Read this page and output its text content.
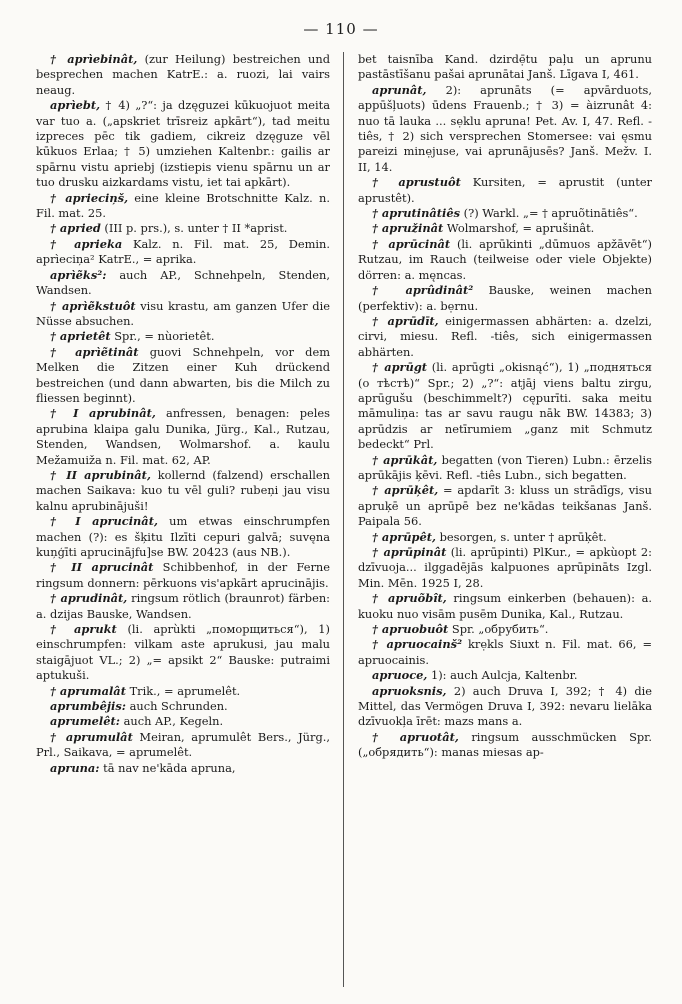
— 110 —

† aprìebinât, (zur Heilung) bestreichen und besprechen machen KatrE.: a. ruozi, lai vairs neaug.

aprìebt, † 4) „?“: ja dzęguzei kūkuojuot meita var tuo a. („apskriet trīsreiz apkārt“), tad meitu izpreces pēc tik gadiem, cikreiz dzęguze vēl kūkuos Erlaa; † 5) umziehen Kaltenbr.: gailis ar spārnu vistu apriebj (izstiepis vienu spārnu un ar tuo drusku aizkardams vistu, iet tai apkārt).

† aprieciņš, eine kleine Brotschnitte Kalz. n. Fil. mat. 25.

† apried (III p. prs.), s. unter † II *aprist.

† aprieka Kalz. n. Fil. mat. 25, Demin. aprìeciņa² KatrE., = aprika.

aprìẽks²: auch AP., Schnehpeln, Stenden, Wandsen.

† aprìẽkstuôt visu krastu, am ganzen Ufer die Nüsse absuchen.

† aprietêt Spr., = nùorietêt.

† aprìẽtinât guovi Schnehpeln, vor dem Melken die Zitzen einer Kuh drückend bestreichen (und dann abwarten, bis die Milch zu fliessen beginnt).

† I aprubinât, anfressen, benagen: peles aprubina klaipa galu Dunika, Jürg., Kal., Rutzau, Stenden, Wandsen, Wolmarshof. a. kaulu Mežamuiža n. Fil. mat. 62, AP.

† II aprubinât, kollernd (falzend) erschallen machen Saikava: kuo tu vēl guli? rubeņi jau visu kalnu aprubinājuši!

† I aprucinât, um etwas einschrumpfen machen (?): es šķitu Ilzīti cepuri galvā; suvęna kuņģīti aprucinājfu]se BW. 20423 (aus NB.).

† II aprucinât Schibbenhof, in der Ferne ringsum donnern: pērkuons vis'apkārt aprucinājis.

† aprudinât, ringsum rötlich (braunrot) färben: a. dzijas Bauske, Wandsen.

† aprukt (li. aprùkti „поморщиться“), 1) einschrumpfen: vilkam aste aprukusi, jau malu staigājuot VL.; 2) „= apsikt 2“ Bauske: putraimi aptukuši.

† aprumalât Trik., = aprumelêt.

aprumbêjis: auch Schrunden.

aprumelêt: auch AP., Kegeln.

† aprumulât Meiran, aprumulêt Bers., Jürg., Prl., Saikava, = aprumelêt.

apruna: tā nav ne'kāda apruna,

bet taisnība Kand. dzirdẹ̄tu paļu un aprunu pastāstīšanu pašai aprunātai Janš. Līgava I, 461.

aprunât, 2): aprunāts (= apvārduots, appūšļuots) ūdens Frauenb.; † 3) = àizrunât 4: nuo tā lauka ... sẹklu apruna! Pet. Av. I, 47. Refl. -tiês, † 2) sich versprechen Stomersee: vai ęsmu pareizi minẹjuse, vai aprunājusēs? Janš. Mežv. I. II, 14.

† aprustuôt Kursiten, = aprustit (unter aprustêt).

† aprutinâtiês (?) Warkl. „= † apruõtinātiês“.

† apružinât Wolmarshof, = aprušinât.

† aprūcinât (li. aprūkinti „dūmuos apžāvēt“) Rutzau, im Rauch (teilweise oder viele Objekte) dörren: a. męncas.

† aprûdinât² Bauske, weinen machen (perfektiv): a. bẹrnu.

† aprūdīt, einigermassen abhärten: a. dzelzi, cirvi, miesu. Refl. -tiês, sich einigermassen abhärten.

† aprūgt (li. aprūgti „okisnąć“), 1) „подняться (o тѣстѣ)“ Spr.; 2) „?“: atjāj viens baltu zirgu, aprūgušu (beschimmelt?) cępurīti. saka meitu māmuliņa: tas ar savu raugu nāk BW. 14383; 3) aprūdzis ar netīrumiem „ganz mit Schmutz bedeckt“ Prl.

† aprūkât, begatten (von Tieren) Lubn.: ērzelis aprūkājis ķēvi. Refl. -tiês Lubn., sich begatten.

† aprūķêt, = apdarīt 3: kluss un strādīgs, visu apruķē un aprūpē bez ne'kādas teikšanas Janš. Paipala 56.

† aprūpêt, besorgen, s. unter † aprūķêt.

† aprūpinât (li. aprūpinti) PlKur., = apkùopt 2: dzīvuoja... ilggadējās kalpuones aprūpināts Izgl. Min. Mēn. 1925 I, 28.

† apruõbît, ringsum einkerben (behauen): a. kuoku nuo visām pusēm Dunika, Kal., Rutzau.

† apruobuôt Spr. „обрубить“.

† apruocainš² krẹkls Siuxt n. Fil. mat. 66, = apruocainis.

apruoce, 1): auch Aulcja, Kaltenbr.

apruoksnis, 2) auch Druva I, 392; † 4) die Mittel, das Vermögen Druva I, 392: nevaru lielāka dzīvuokļa īrēt: mazs mans a.

† apruotât, ringsum ausschmücken Spr. („обрядить“): manas miesas ap-
